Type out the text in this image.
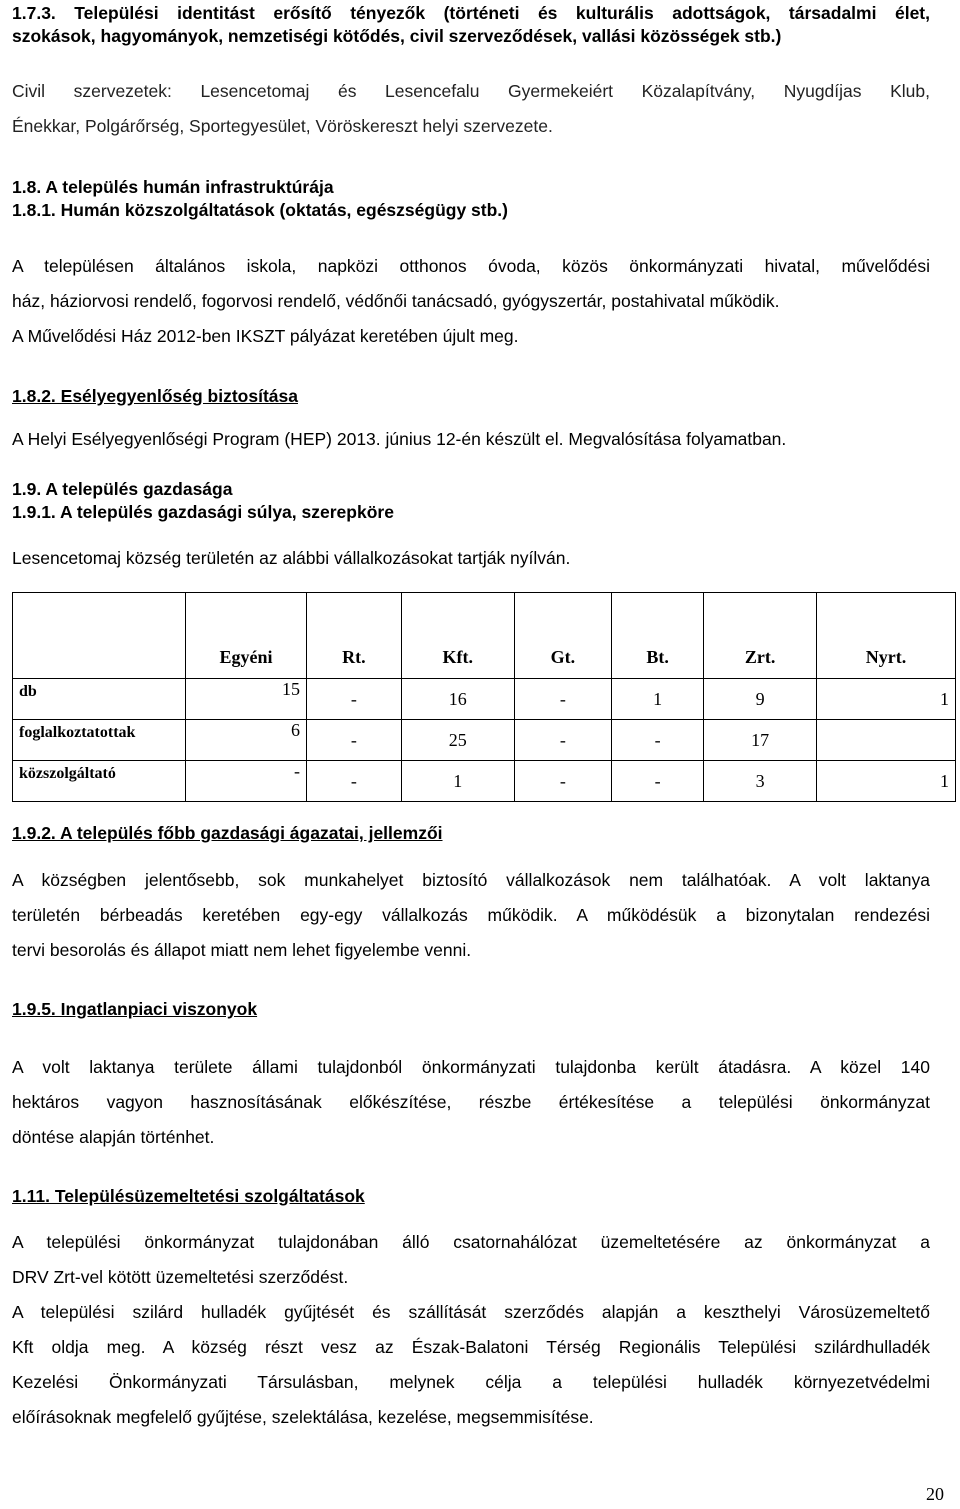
1.7.3. Települési identitást erősítő tényezők (történeti és kulturális adottságok, társadalmi élet,

szokások, hagyományok, nemzetiségi kötődés, civil szerveződések, vallási közösségek stb.)

Civil szervezetek: Lesencetomaj és Lesencefalu Gyermekeiért Közalapítvány, Nyugdíjas Klub,

Énekkar, Polgárőrség, Sportegyesület, Vöröskereszt helyi szervezete.

1.8. A település humán infrastruktúrája

1.8.1. Humán közszolgáltatások (oktatás, egészségügy stb.)

A településen általános iskola, napközi otthonos óvoda, közös önkormányzati hivatal, művelődési

ház, háziorvosi rendelő, fogorvosi rendelő, védőnői tanácsadó, gyógyszertár, postahivatal működik.

A Művelődési Ház 2012-ben IKSZT pályázat keretében újult meg.

1.8.2. Esélyegyenlőség biztosítása

A Helyi Esélyegyenlőségi Program (HEP) 2013. június 12-én készült el. Megvalósítása folyamatban.

1.9. A település gazdasága

1.9.1. A település gazdasági súlya, szerepköre

Lesencetomaj község területén az alábbi vállalkozásokat tartják nyílván.

	Egyéni	Rt.	Kft.	Gt.	Bt.	Zrt.	Nyrt.
db	15	-	16	-	1	9	1
foglalkoztatottak	6	-	25	-	-	17	
közszolgáltató	-	-	1	-	-	3	1
1.9.2. A település főbb gazdasági ágazatai, jellemzői

A községben jelentősebb, sok munkahelyet biztosító vállalkozások nem találhatóak. A volt laktanya

területén bérbeadás keretében egy-egy vállalkozás működik. A működésük a bizonytalan rendezési

tervi besorolás és állapot miatt nem lehet figyelembe venni.

1.9.5. Ingatlanpiaci viszonyok

A volt laktanya területe állami tulajdonból önkormányzati tulajdonba került átadásra. A közel 140

hektáros vagyon hasznosításának előkészítése, részbe értékesítése a települési önkormányzat

döntése alapján történhet.

1.11. Településüzemeltetési szolgáltatások

A települési önkormányzat tulajdonában álló csatornahálózat üzemeltetésére az önkormányzat a

DRV Zrt-vel kötött üzemeltetési szerződést.

A települési szilárd hulladék gyűjtését és szállítását szerződés alapján a keszthelyi Városüzemeltető

Kft oldja meg. A község részt vesz az Észak-Balatoni Térség Regionális Települési szilárdhulladék

Kezelési Önkormányzati Társulásban, melynek célja a települési hulladék környezetvédelmi

előírásoknak megfelelő gyűjtése, szelektálása, kezelése, megsemmisítése.

20
